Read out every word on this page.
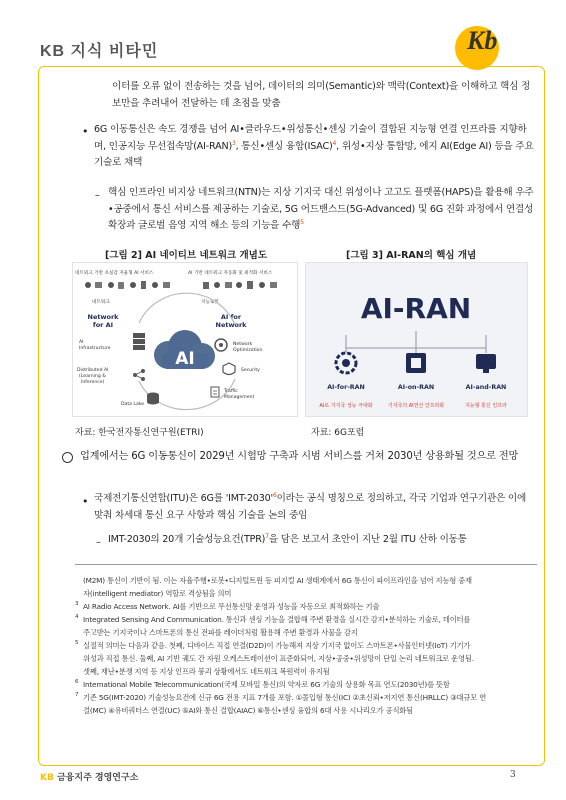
KB 지식 비타민	Kb
이터를 오류 없이 전송하는 것을 넘어, 데이터의 의미(Semantic)와 맥락(Context)을 이해하고 핵심 정보만을 추려내어 전달하는 데 초점을 맞춤
• 6G 이동통신은 속도 경쟁을 넘어 AI•클라우드•위성통신•센싱 기술이 결합된 지능형 연결 인프라를 지향하며, 인공지능 무선접속망$(AI-RAN)^3$, 통신•센싱 융합(ISAC)$^4$, 위성•지상 통합망, 에지 AI(Edge AI) 등을 주요 기술로 채택
– 핵심 인프라인 비지상 네트워크(NTN)는 지상 기지국 대신 위성이나 고고도 플랫폼(HAPS)을 활용해 우주•공중에서 통신 서비스를 제공하는 기술로, 5G 어드밴스드(5G-Advanced) 및 6G 진화 과정에서 연결성 확장과 글로벌 음영 지역 해소 등의 기능을 수행$^5$
[그림 2] AI 네이티브 네트워크 개념도	[그림 3] AI-RAN의 핵심 개념
네트워크 기반 초실감 자율형 AI 서비스	AI 기반 네트워크 자동화 및 최적화 서비스
네트워크	지능로봇
Network
for AI
AI for
Network
AI
AI
Infrastructure
Network
Optimization
Distributed AI
(Learning &
Inference)
Security
Data Lake
Traffic
Management
AI-RAN
AI-for-RAN	AI-on-RAN	AI-and-RAN
AI로 기지국 성능 극대화	기지국의 AI연산 인프라화	지능형 통신 인프라
자료: 한국전자통신연구원(ETRI)	자료: 6G포럼
업계에서는 6G 이동통신이 2029년 시험망 구축과 시범 서비스를 거쳐 2030년 상용화될 것으로 전망
• 국제전기통신연합(ITU)은 6G를 '$IMT-2030'^6$이라는 공식 명칭으로 정의하고, 각국 기업과 연구기관은 이에 맞춰 차세대 통신 요구 사항과 핵심 기술을 논의 중임
– IMT-2030의 20개 기술성능요건(TPR)$^7$을 담은 보고서 초안이 지난 2월 ITU 산하 이동통
(M2M) 통신이 기반이 됨. 이는 자율주행•로봇•디지털트윈 등 피지컬 AI 생태계에서 6G 통신이 파이프라인을 넘어 지능형 중재
자(intelligent mediator) 역할로 격상됨을 의미
3 AI Radio Access Network. AI를 기반으로 무선통신망 운영과 성능을 자동으로 최적화하는 기술
4 Integrated Sensing And Communication. 통신과 센싱 기능을 결합해 주변 환경을 실시간 감지•분석하는 기술로, 데이터를
주고받는 기지국이나 스마트폰의 통신 전파를 레이더처럼 활용해 주변 환경과 사물을 감지
5 실절적 의미는 다음과 같음. 첫째, 디바이스 직접 연결(D2D)이 가능해져 지상 기지국 없이도 스마트폰•사물인터넷(IoT) 기기가
위성과 직접 통신. 둘째, AI 기반 궤도 간 자원 오케스트레이션이 표준화되어, 지상•공중•위성망이 단일 논리 네트워크로 운영됨.
셋째, 재난•분쟁 지역 등 지상 인프라 붕괴 상황에서도 네트워크 복원력이 유지됨
6 International Mobile Telecommunication(국제 모바일 통신)의 약자로 6G 기술의 상용화 목표 연도(2030년)를 뜻함
7 기존 5G(IMT-2020) 기술성능요건에 신규 6G 전용 지표 7개를 포함. ①몰입형 통신(IC) ②초신뢰•저지연 통신(HRLLC) ③대규모 연
결(MC) ④유비쿼터스 연결(UC) ⑤AI와 통신 결합(AIAC) ⑥통신•센싱 융합의 6대 사용 시나리오가 공식화됨
KB 금융지주 경영연구소	3
